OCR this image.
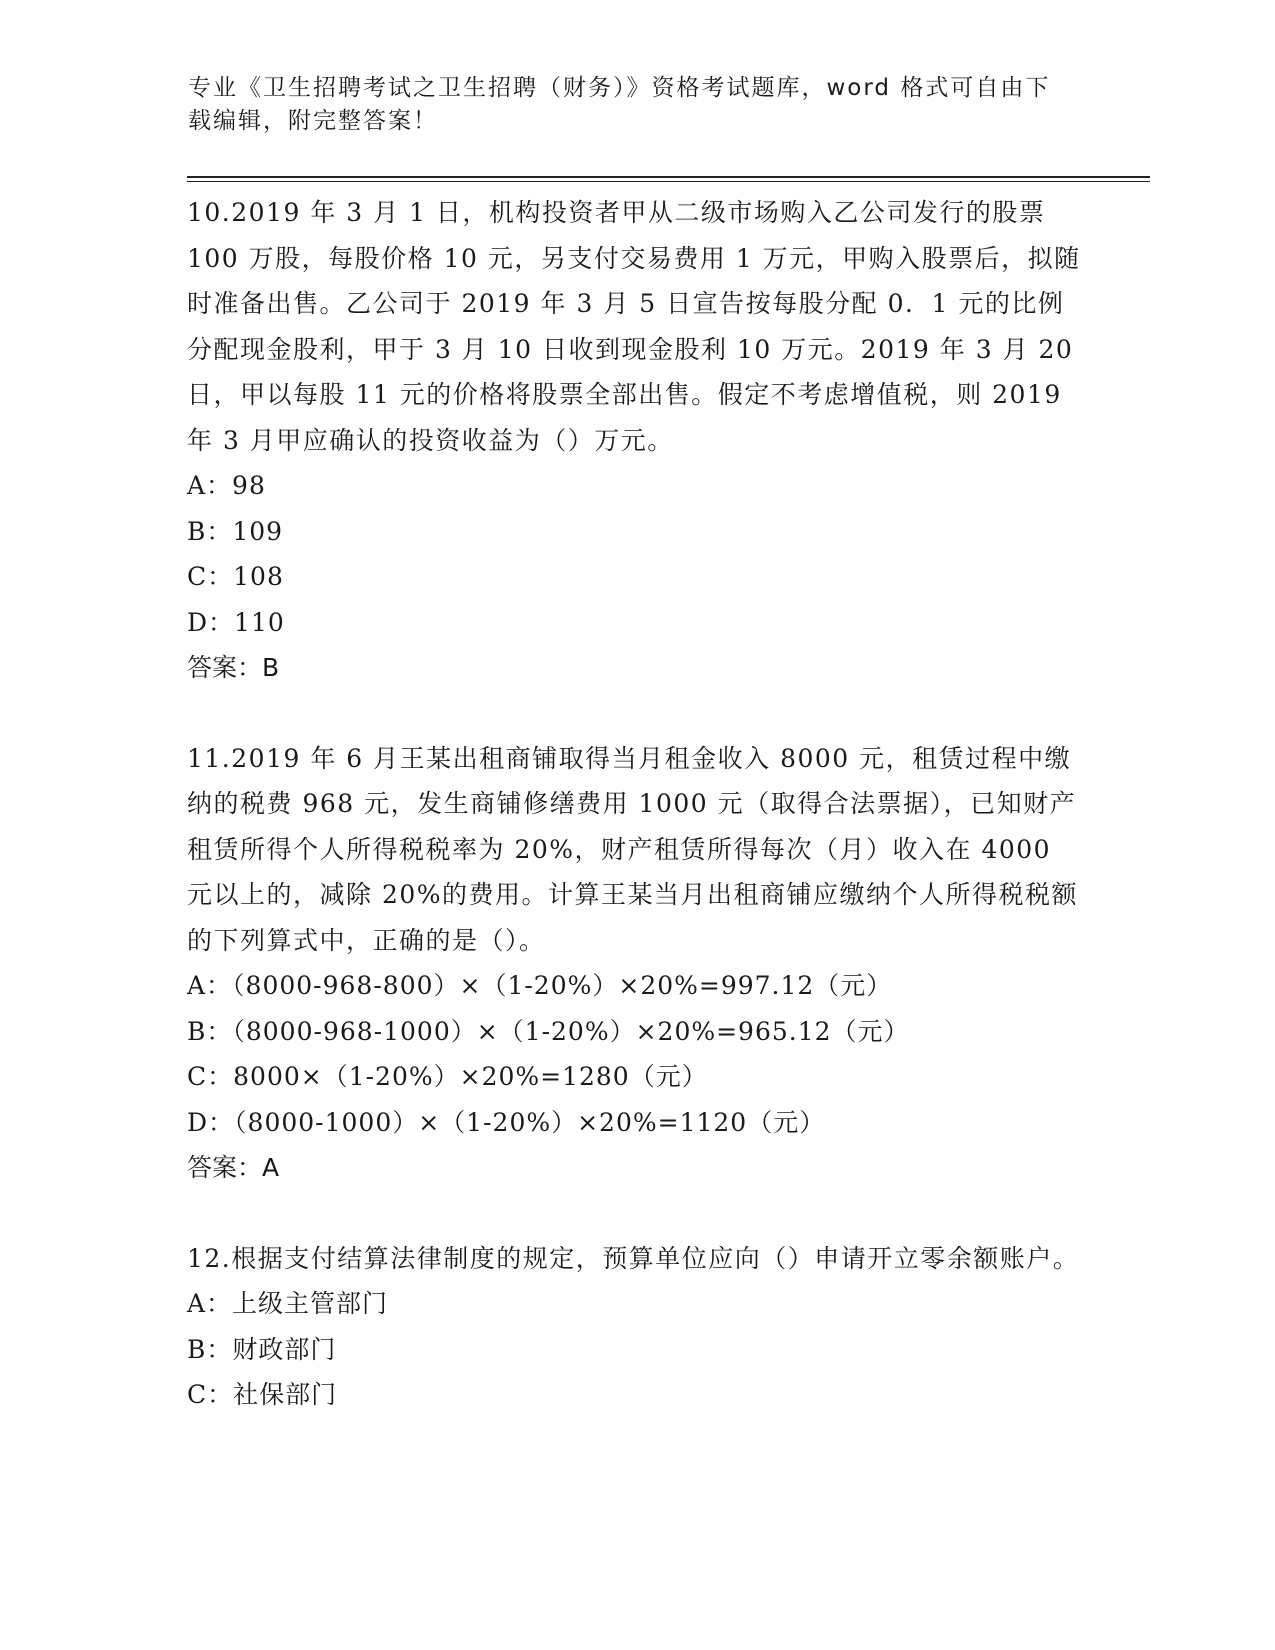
专业《卫生招聘考试之卫生招聘（财务）》资格考试题库，word 格式可自由下载编辑，附完整答案！

10.2019 年 3 月 1 日，机构投资者甲从二级市场购入乙公司发行的股票 100 万股，每股价格 10 元，另支付交易费用 1 万元，甲购入股票后，拟随时准备出售。乙公司于 2019 年 3 月 5 日宣告按每股分配 0．1 元的比例分配现金股利，甲于 3 月 10 日收到现金股利 10 万元。2019 年 3 月 20 日，甲以每股 11 元的价格将股票全部出售。假定不考虑增值税，则 2019 年 3 月甲应确认的投资收益为（）万元。

A：98

B：109

C：108

D：110

答案：B

11.2019 年 6 月王某出租商铺取得当月租金收入 8000 元，租赁过程中缴纳的税费 968 元，发生商铺修缮费用 1000 元（取得合法票据），已知财产租赁所得个人所得税税率为 20%，财产租赁所得每次（月）收入在 4000 元以上的，减除 20%的费用。计算王某当月出租商铺应缴纳个人所得税税额的下列算式中，正确的是（）。

A：（8000-968-800）×（1-20%）×20%=997.12（元）

B：（8000-968-1000）×（1-20%）×20%=965.12（元）

C：8000×（1-20%）×20%=1280（元）

D：（8000-1000）×（1-20%）×20%=1120（元）

答案：A

12.根据支付结算法律制度的规定，预算单位应向（）申请开立零余额账户。

A：上级主管部门

B：财政部门

C：社保部门
